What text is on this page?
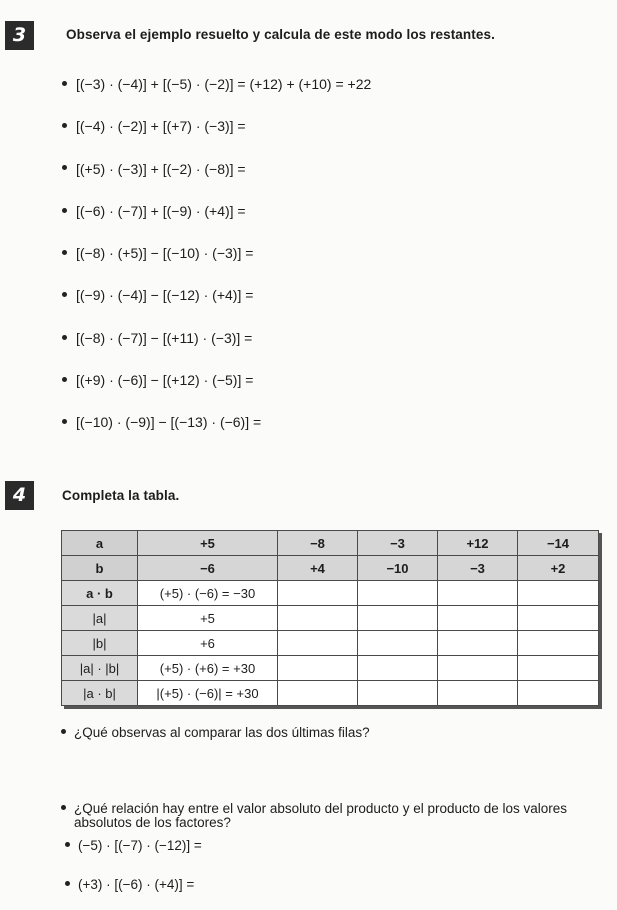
3	Observa el ejemplo resuelto y calcula de este modo los restantes.
[(−3) · (−4)] + [(−5) · (−2)] = (+12) + (+10) = +22
[(−4) · (−2)] + [(+7) · (−3)] =
[(+5) · (−3)] + [(−2) · (−8)] =
[(−6) · (−7)] + [(−9) · (+4)] =
[(−8) · (+5)] − [(−10) · (−3)] =
[(−9) · (−4)] − [(−12) · (+4)] =
[(−8) · (−7)] − [(+11) · (−3)] =
[(+9) · (−6)] − [(+12) · (−5)] =
[(−10) · (−9)] − [(−13) · (−6)] =
4	Completa la tabla.
a	+5	−8	−3	+12	−14
b	−6	+4	−10	−3	+2
a · b	(+5) · (−6) = −30				
|a|	+5				
|b|	+6				
|a| · |b|	(+5) · (+6) = +30				
|a · b|	|(+5) · (−6)| = +30				
¿Qué observas al comparar las dos últimas filas?
¿Qué relación hay entre el valor absoluto del producto y el producto de los valores
absolutos de los factores?
(−5) · [(−7) · (−12)] =
(+3) · [(−6) · (+4)] =
